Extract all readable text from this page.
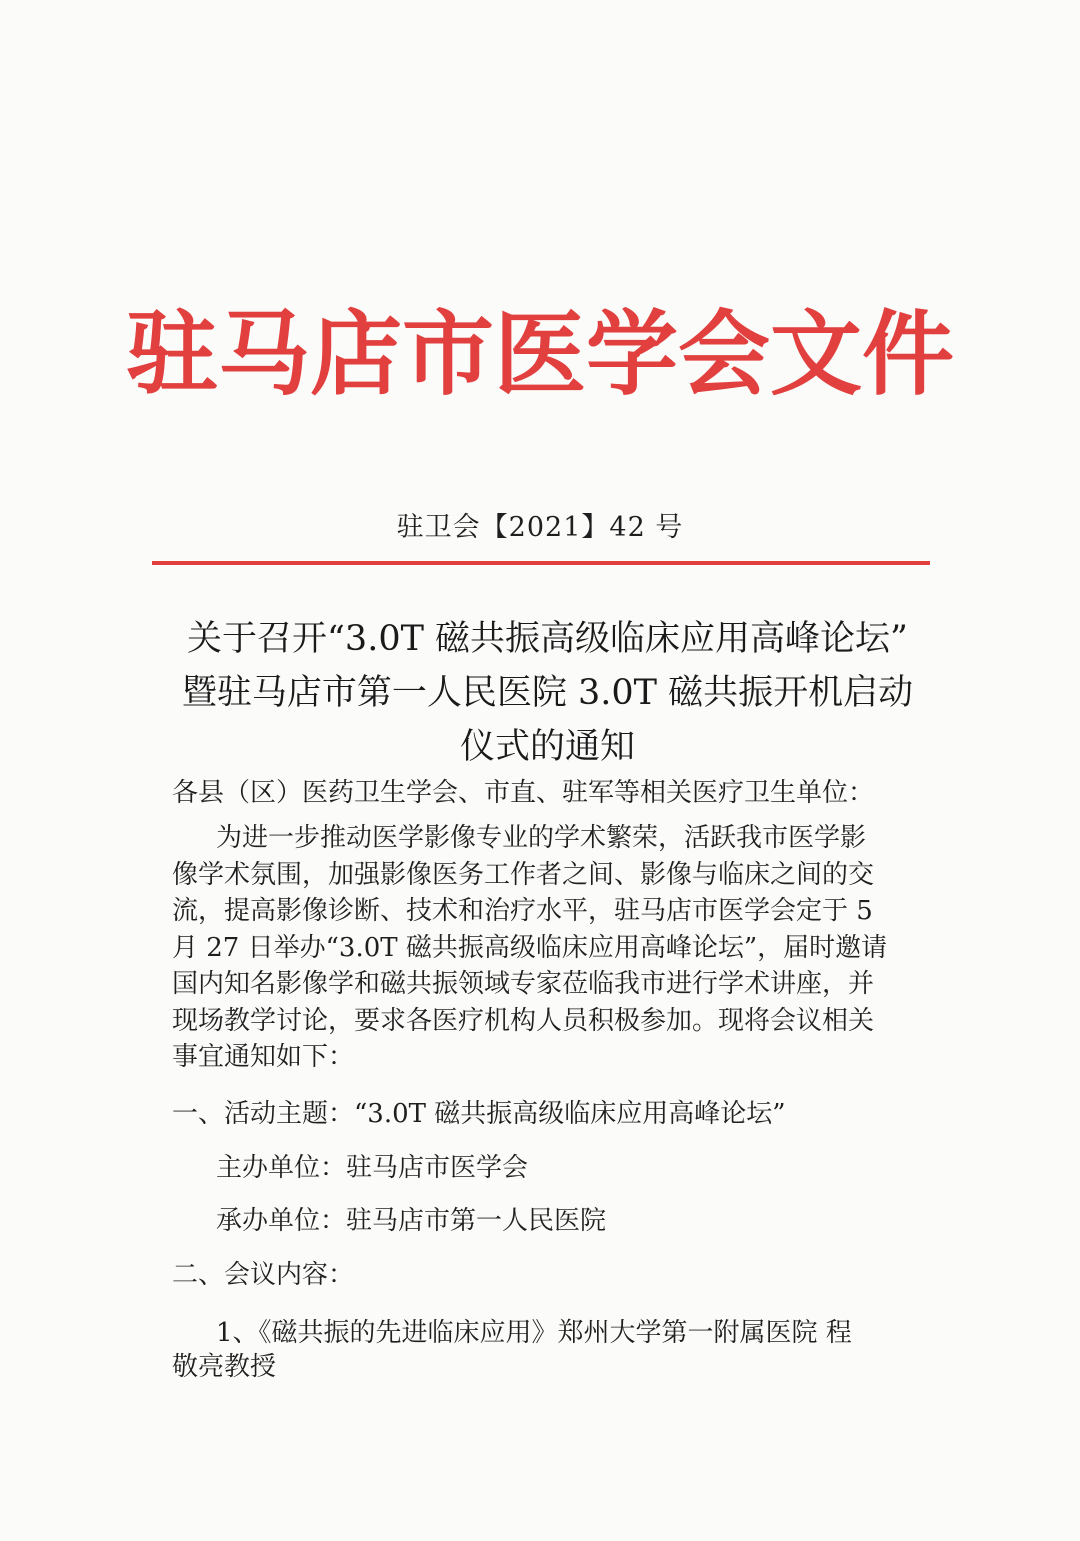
驻马店市医学会文件
驻卫会【2021】42 号
关于召开“3.0T 磁共振高级临床应用高峰论坛”
暨驻马店市第一人民医院 3.0T 磁共振开机启动
仪式的通知
各县（区）医药卫生学会、市直、驻军等相关医疗卫生单位：
为进一步推动医学影像专业的学术繁荣，活跃我市医学影
像学术氛围，加强影像医务工作者之间、影像与临床之间的交
流，提高影像诊断、技术和治疗水平，驻马店市医学会定于 5
月 27 日举办“3.0T 磁共振高级临床应用高峰论坛”，届时邀请
国内知名影像学和磁共振领域专家莅临我市进行学术讲座，并
现场教学讨论，要求各医疗机构人员积极参加。现将会议相关
事宜通知如下：
一、活动主题：“3.0T 磁共振高级临床应用高峰论坛”
主办单位：驻马店市医学会
承办单位：驻马店市第一人民医院
二、会议内容：
1、《磁共振的先进临床应用》郑州大学第一附属医院 程
敬亮教授
